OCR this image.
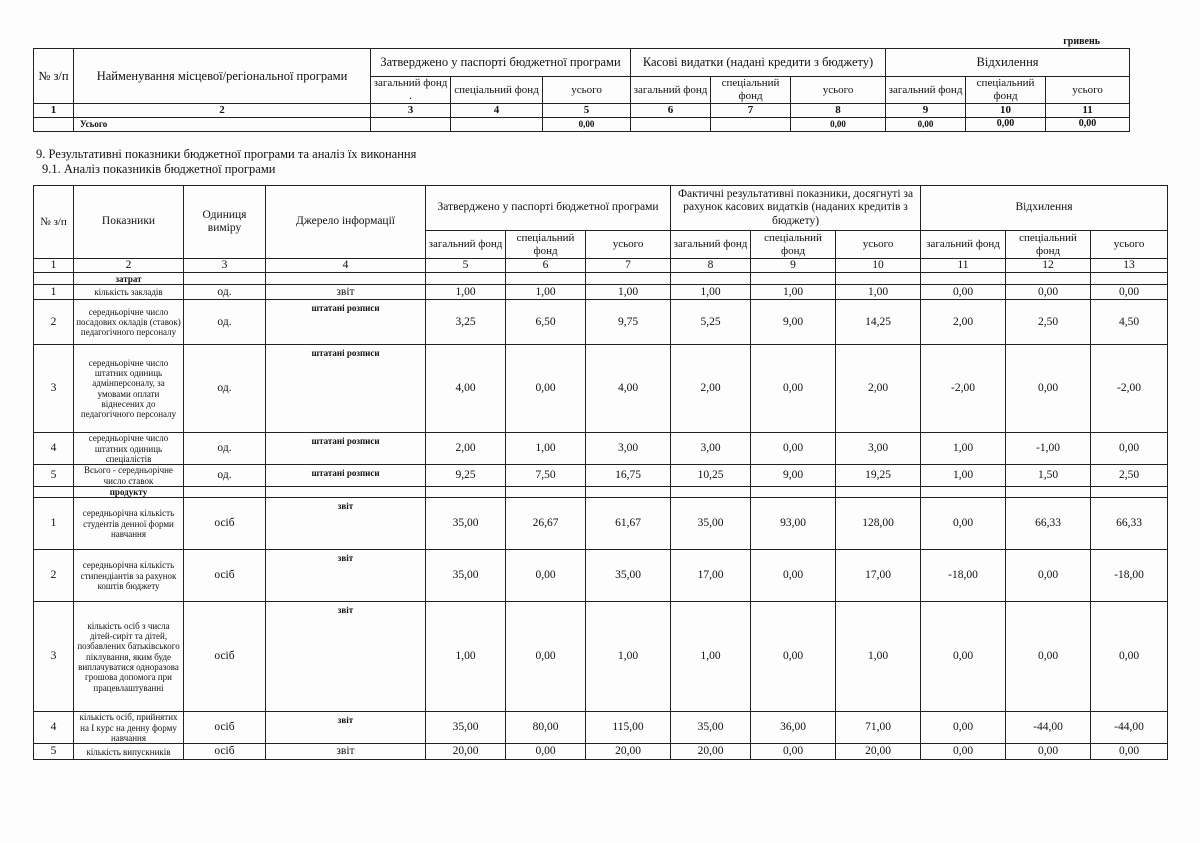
гривень
№ з/п	Найменування місцевої/регіональної програми	Затверджено у паспорті бюджетної програми			Касові видатки (надані кредити з бюджету)			Відхилення		
		загальний фонд .	спеціальний фонд	усього	загальний фонд	спеціальний фонд	усього	загальний фонд	спеціальний фонд	усього
1	2	3	4	5	6	7	8	9	10	11
	Усього			0,00			0,00	0,00	0,00	0,00
9. Результативні показники бюджетної програми та аналіз їх виконання
9.1. Аналіз показників бюджетної програми
№ з/п	Показники	Одиниця виміру	Джерело інформації	Затверджено у паспорті бюджетної програми			Фактичні результативні показники, досягнуті за рахунок касових видатків (наданих кредитів з бюджету)			Відхилення		
				загальний фонд	спеціальний фонд	усього	загальний фонд	спеціальний фонд	усього	загальний фонд	спеціальний фонд	усього
1	2	3	4	5	6	7	8	9	10	11	12	13
	затрат											
1	кількість закладів	од.	звіт	1,00	1,00	1,00	1,00	1,00	1,00	0,00	0,00	0,00
2	середньорічне число посадових окладів (ставок) педагогічного персоналу	од.	штатані розписи	3,25	6,50	9,75	5,25	9,00	14,25	2,00	2,50	4,50
3	середньорічне число штатних одиниць адмінперсоналу, за умовами оплати віднесених до педагогічного персоналу	од.	штатані розписи	4,00	0,00	4,00	2,00	0,00	2,00	-2,00	0,00	-2,00
4	середньорічне число штатних одиниць спеціалістів	од.	штатані розписи	2,00	1,00	3,00	3,00	0,00	3,00	1,00	-1,00	0,00
5	Всього - середньорічне число ставок	од.	штатані розписи	9,25	7,50	16,75	10,25	9,00	19,25	1,00	1,50	2,50
	продукту											
1	середньорічна кількість студентів денної форми навчання	осіб	звіт	35,00	26,67	61,67	35,00	93,00	128,00	0,00	66,33	66,33
2	середньорічна кількість стипендіантів за рахунок коштів бюджету	осіб	звіт	35,00	0,00	35,00	17,00	0,00	17,00	-18,00	0,00	-18,00
3	кількість осіб з числа дітей-сиріт та дітей, позбавлених батьківського піклування, яким буде виплачуватися одноразова грошова допомога при працевлаштуванні	осіб	звіт	1,00	0,00	1,00	1,00	0,00	1,00	0,00	0,00	0,00
4	кількість осіб, прийнятих на I курс на денну форму навчання	осіб	звіт	35,00	80,00	115,00	35,00	36,00	71,00	0,00	-44,00	-44,00
5	кількість випускників	осіб	звіт	20,00	0,00	20,00	20,00	0,00	20,00	0,00	0,00	0,00
